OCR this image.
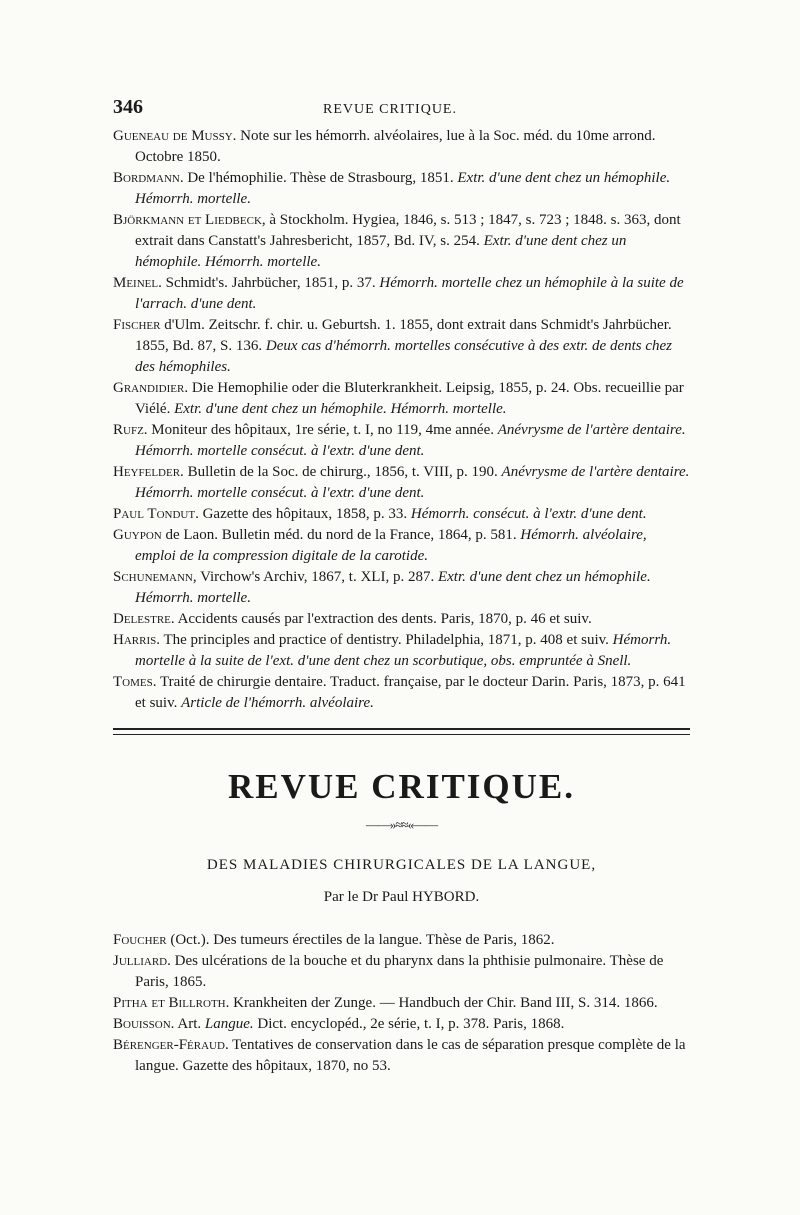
346	REVUE CRITIQUE.

Gueneau de Mussy. Note sur les hémorrh. alvéolaires, lue à la Soc. méd. du 10me arrond. Octobre 1850.

Bordmann. De l'hémophilie. Thèse de Strasbourg, 1851. Extr. d'une dent chez un hémophile. Hémorrh. mortelle.

Björkmann et Liedbeck, à Stockholm. Hygiea, 1846, s. 513 ; 1847, s. 723 ; 1848. s. 363, dont extrait dans Canstatt's Jahresbericht, 1857, Bd. IV, s. 254. Extr. d'une dent chez un hémophile. Hémorrh. mortelle.

Meinel. Schmidt's. Jahrbücher, 1851, p. 37. Hémorrh. mortelle chez un hémophile à la suite de l'arrach. d'une dent.

Fischer d'Ulm. Zeitschr. f. chir. u. Geburtsh. 1. 1855, dont extrait dans Schmidt's Jahrbücher. 1855, Bd. 87, S. 136. Deux cas d'hémorrh. mortelles consécutive à des extr. de dents chez des hémophiles.

Grandidier. Die Hemophilie oder die Bluterkrankheit. Leipsig, 1855, p. 24. Obs. recueillie par Viélé. Extr. d'une dent chez un hémophile. Hémorrh. mortelle.

Rufz. Moniteur des hôpitaux, 1re série, t. I, no 119, 4me année. Anévrysme de l'artère dentaire. Hémorrh. mortelle consécut. à l'extr. d'une dent.

Heyfelder. Bulletin de la Soc. de chirurg., 1856, t. VIII, p. 190. Anévrysme de l'artère dentaire. Hémorrh. mortelle consécut. à l'extr. d'une dent.

Paul Tondut. Gazette des hôpitaux, 1858, p. 33. Hémorrh. consécut. à l'extr. d'une dent.

Guypon de Laon. Bulletin méd. du nord de la France, 1864, p. 581. Hémorrh. alvéolaire, emploi de la compression digitale de la carotide.

Schunemann, Virchow's Archiv, 1867, t. XLI, p. 287. Extr. d'une dent chez un hémophile. Hémorrh. mortelle.

Delestre. Accidents causés par l'extraction des dents. Paris, 1870, p. 46 et suiv.

Harris. The principles and practice of dentistry. Philadelphia, 1871, p. 408 et suiv. Hémorrh. mortelle à la suite de l'ext. d'une dent chez un scorbutique, obs. empruntée à Snell.

Tomes. Traité de chirurgie dentaire. Traduct. française, par le docteur Darin. Paris, 1873, p. 641 et suiv. Article de l'hémorrh. alvéolaire.

REVUE CRITIQUE.
——»≈≈«——
DES MALADIES CHIRURGICALES DE LA LANGUE,
Par le Dr Paul HYBORD.

Foucher (Oct.). Des tumeurs érectiles de la langue. Thèse de Paris, 1862.

Julliard. Des ulcérations de la bouche et du pharynx dans la phthisie pulmonaire. Thèse de Paris, 1865.

Pitha et Billroth. Krankheiten der Zunge. — Handbuch der Chir. Band III, S. 314. 1866.

Bouisson. Art. Langue. Dict. encyclopéd., 2e série, t. I, p. 378. Paris, 1868.

Bérenger-Féraud. Tentatives de conservation dans le cas de séparation presque complète de la langue. Gazette des hôpitaux, 1870, no 53.
